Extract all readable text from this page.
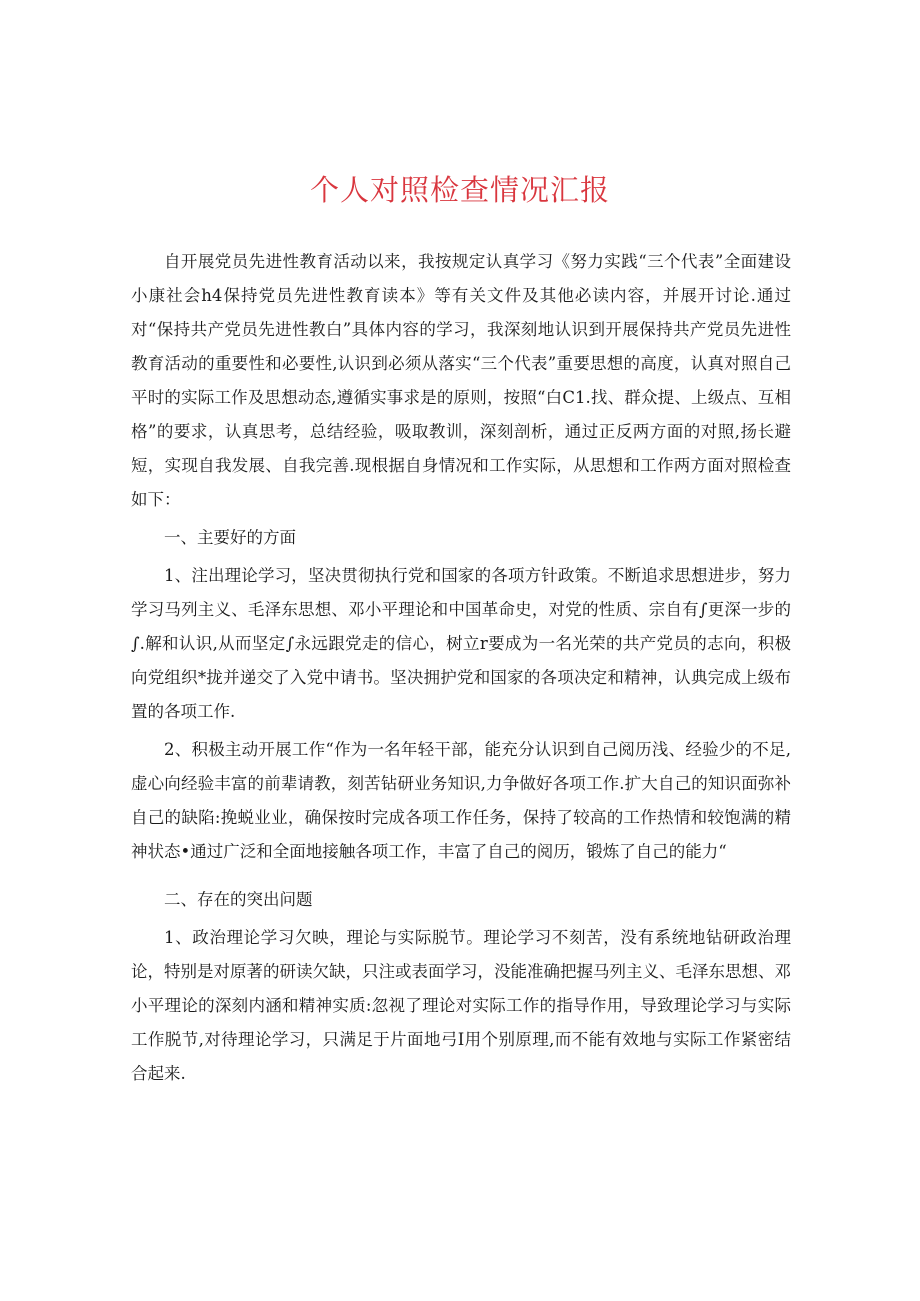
个人对照检查情况汇报

自开展党员先进性教育活动以来，我按规定认真学习《努力实践“三个代表”全面建设小康社会h4保持党员先进性教育读本》等有关文件及其他必读内容，并展开讨论.通过对“保持共产党员先进性教白”具体内容的学习，我深刻地认识到开展保持共产党员先进性教育活动的重要性和必要性,认识到必须从落实“三个代表”重要思想的高度，认真对照自己平时的实际工作及思想动态,遵循实事求是的原则，按照“白C1.找、群众提、上级点、互相格”的要求，认真思考，总结经验，吸取教训，深刻剖析，通过正反两方面的对照,扬长避短，实现自我发展、自我完善.现根据自身情况和工作实际，从思想和工作两方面对照检查如下：

一、主要好的方面

1、注出理论学习，坚决贯彻执行党和国家的各项方针政策。不断追求思想进步，努力学习马列主义、毛泽东思想、邓小平理论和中国革命史，对党的性质、宗自有∫更深一步的∫.解和认识,从而坚定∫永远跟党走的信心，树立r要成为一名光荣的共产党员的志向，积极向党组织*拢并递交了入党中请书。坚决拥护党和国家的各项决定和精神，认典完成上级布置的各项工作.

2、积极主动开展工作“作为一名年轻干部，能充分认识到自己阅历浅、经验少的不足,虚心向经验丰富的前辈请教，刻苦钻研业务知识,力争做好各项工作.扩大自己的知识面弥补自己的缺陷:挽蜕业业，确保按时完成各项工作任务，保持了较高的工作热情和较饱满的精神状态•通过广泛和全面地接触各项工作，丰富了自己的阅历，锻炼了自己的能力“

二、存在的突出问题

1、政治理论学习欠映，理论与实际脱节。理论学习不刻苦，没有系统地钻研政治理论，特别是对原著的研读欠缺，只注或表面学习，没能准确把握马列主义、毛泽东思想、邓小平理论的深刻内涵和精神实质:忽视了理论对实际工作的指导作用，导致理论学习与实际工作脱节,对待理论学习，只满足于片面地弓I用个别原理,而不能有效地与实际工作紧密结合起来.
